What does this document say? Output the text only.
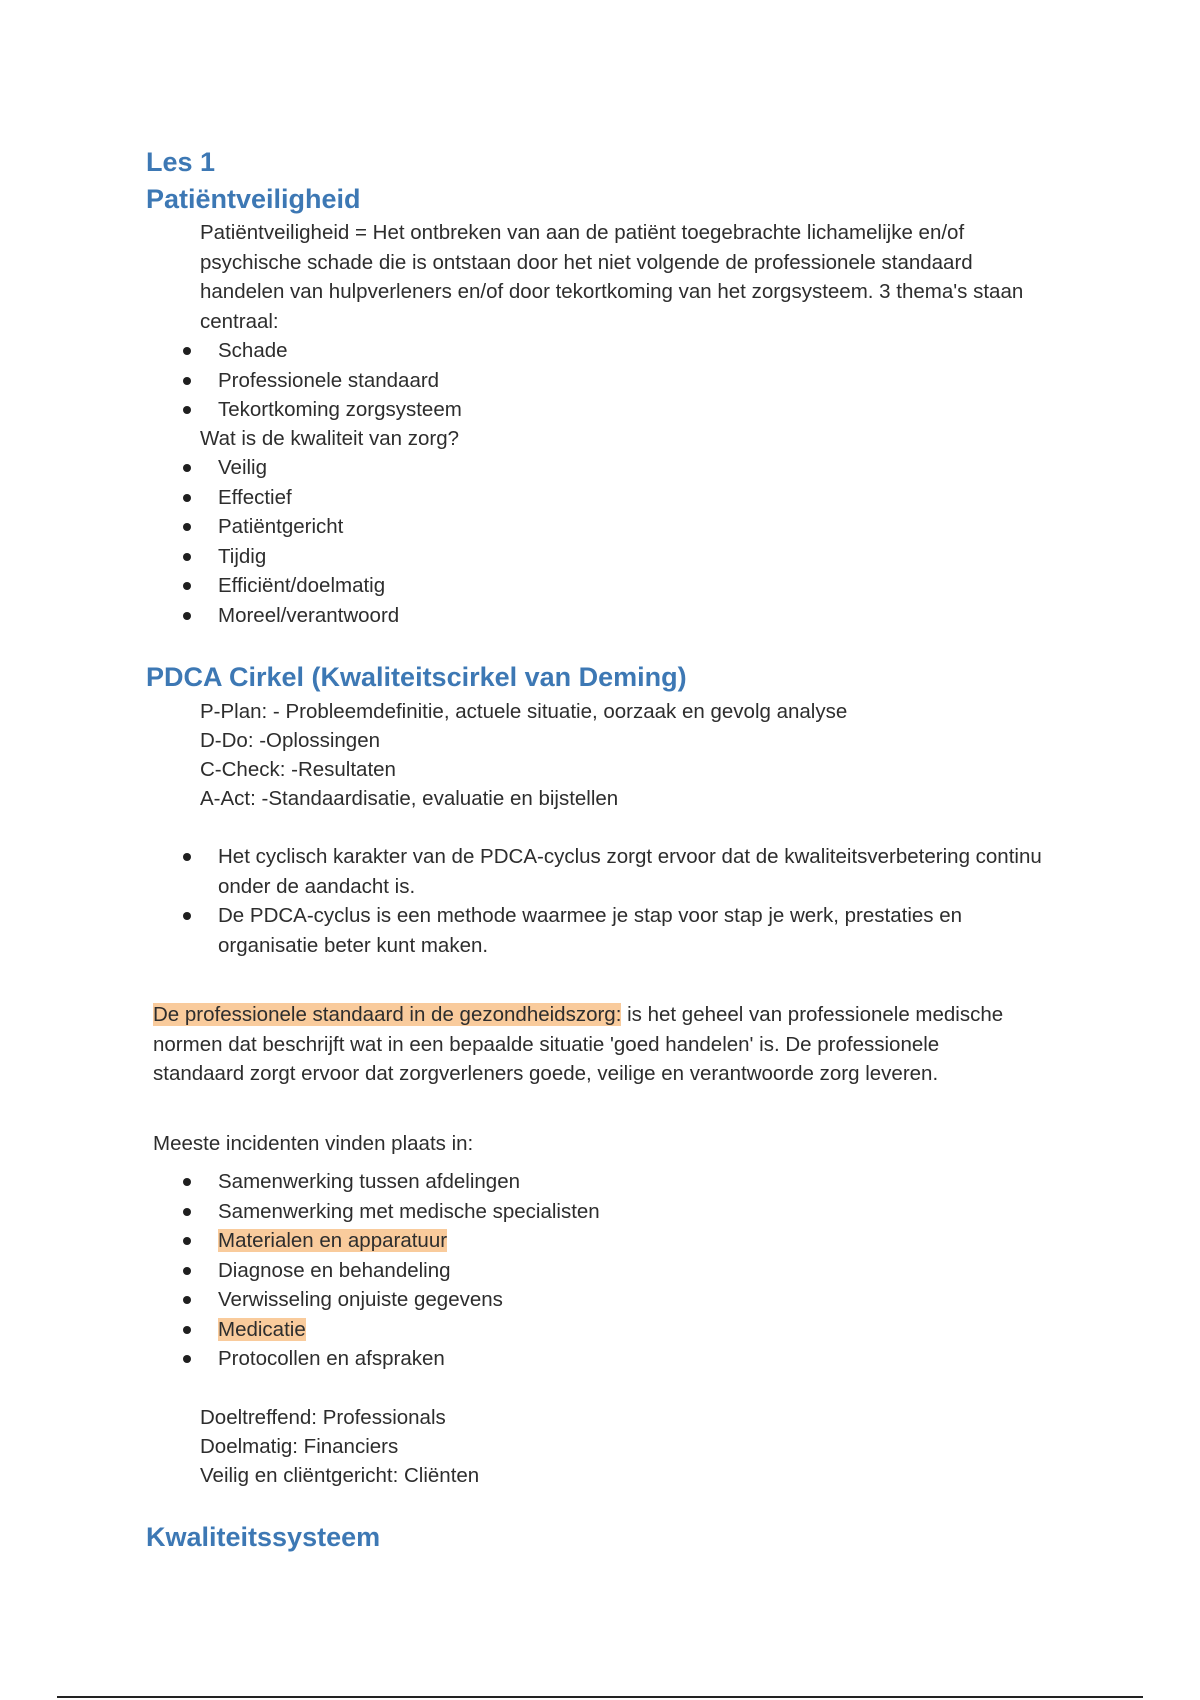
Les 1
Patiëntveiligheid
Patiëntveiligheid = Het ontbreken van aan de patiënt toegebrachte lichamelijke en/of psychische schade die is ontstaan door het niet volgende de professionele standaard handelen van hulpverleners en/of door tekortkoming van het zorgsysteem. 3 thema's staan centraal:
Schade
Professionele standaard
Tekortkoming zorgsysteem
Wat is de kwaliteit van zorg?
Veilig
Effectief
Patiëntgericht
Tijdig
Efficiënt/doelmatig
Moreel/verantwoord
PDCA Cirkel (Kwaliteitscirkel van Deming)
P-Plan: - Probleemdefinitie, actuele situatie, oorzaak en gevolg analyse
D-Do: -Oplossingen
C-Check: -Resultaten
A-Act: -Standaardisatie, evaluatie en bijstellen
Het cyclisch karakter van de PDCA-cyclus zorgt ervoor dat de kwaliteitsverbetering continu onder de aandacht is.
De PDCA-cyclus is een methode waarmee je stap voor stap je werk, prestaties en organisatie beter kunt maken.
De professionele standaard in de gezondheidszorg: is het geheel van professionele medische normen dat beschrijft wat in een bepaalde situatie 'goed handelen' is. De professionele standaard zorgt ervoor dat zorgverleners goede, veilige en verantwoorde zorg leveren.
Meeste incidenten vinden plaats in:
Samenwerking tussen afdelingen
Samenwerking met medische specialisten
Materialen en apparatuur
Diagnose en behandeling
Verwisseling onjuiste gegevens
Medicatie
Protocollen en afspraken
Doeltreffend: Professionals
Doelmatig: Financiers
Veilig en cliëntgericht: Cliënten
Kwaliteitssysteem
